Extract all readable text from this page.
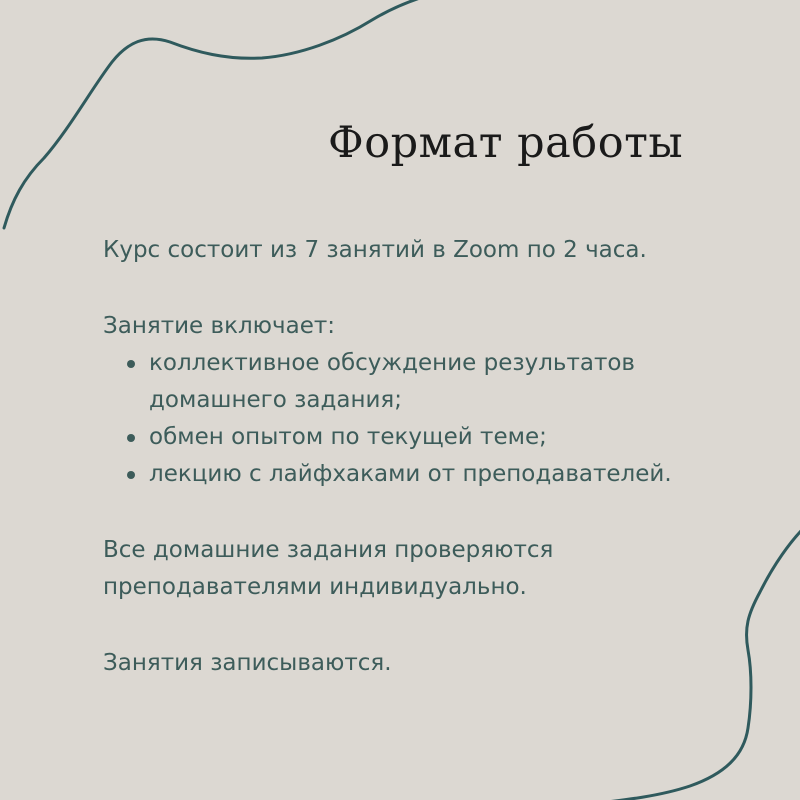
Формат работы

Курс состоит из 7 занятий в Zoom по 2 часа.

Занятие включает:

коллективное обсуждение результатов домашнего задания;
обмен опытом по текущей теме;
лекцию с лайфхаками от преподавателей.

Все домашние задания проверяются преподавателями индивидуально.

Занятия записываются.
